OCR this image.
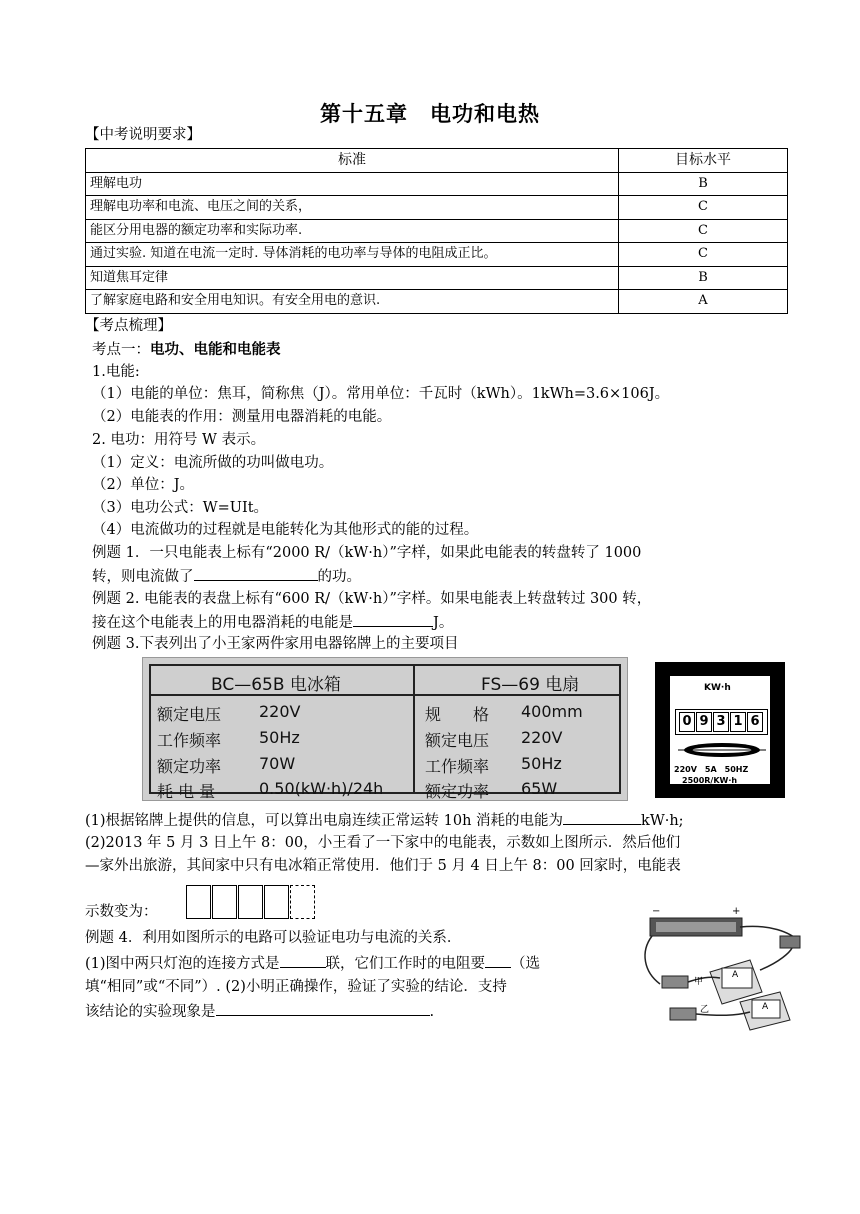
第十五章　电功和电热
【中考说明要求】
标准	目标水平
理解电功	B
理解电功率和电流、电压之间的关系，	C
能区分用电器的额定功率和实际功率.	C
通过实验. 知道在电流一定时. 导体消耗的电功率与导体的电阻成正比。	C
知道焦耳定律	B
了解家庭电路和安全用电知识。有安全用电的意识.	A
【考点梳理】
考点一：电功、电能和电能表
1.电能:
（1）电能的单位：焦耳，简称焦（J）。常用单位：千瓦时（kWh）。1kWh=3.6×106J。
（2）电能表的作用：测量用电器消耗的电能。
2. 电功：用符号 W 表示。
（1）定义：电流所做的功叫做电功。
（2）单位：J。
（3）电功公式：W=UIt。
（4）电流做功的过程就是电能转化为其他形式的能的过程。
例题 1．一只电能表上标有“2000 R/（kW·h）”字样，如果此电能表的转盘转了 1000
转，则电流做了	的功。
例题 2. 电能表的表盘上标有“600 R/（kW·h）”字样。如果电能表上转盘转过 300 转，
接在这个电能表上的用电器消耗的电能是	J。
例题 3.下表列出了小王家两件家用电器铭牌上的主要项目
BC—65B 电冰箱	FS—69 电扇
额定电压 220V
工作频率 50Hz
额定功率 70W
耗 电 量	0.50(kW·h)/24h
规　　格 400mm
额定电压 220V
工作频率 50Hz
额定功率 65W
KW·h
0 9 3 1 6
220V　5A　50HZ
2500R/KW·h
(1)根据铭牌上提供的信息，可以算出电扇连续正常运转 10h 消耗的电能为	kW·h;
(2)2013 年 5 月 3 日上午 8：00，小王看了一下家中的电能表，示数如上图所示．然后他们
—家外出旅游，其间家中只有电冰箱正常使用．他们于 5 月 4 日上午 8：00 回家时，电能表
示数变为：
例题 4．利用如图所示的电路可以验证电功与电流的关系．
(1)图中两只灯泡的连接方式是	联，它们工作时的电阻要 （选
填“相同”或“不同”）. (2)小明正确操作，验证了实验的结论．支持
该结论的实验现象是	.
−	+
A
A
甲
乙
